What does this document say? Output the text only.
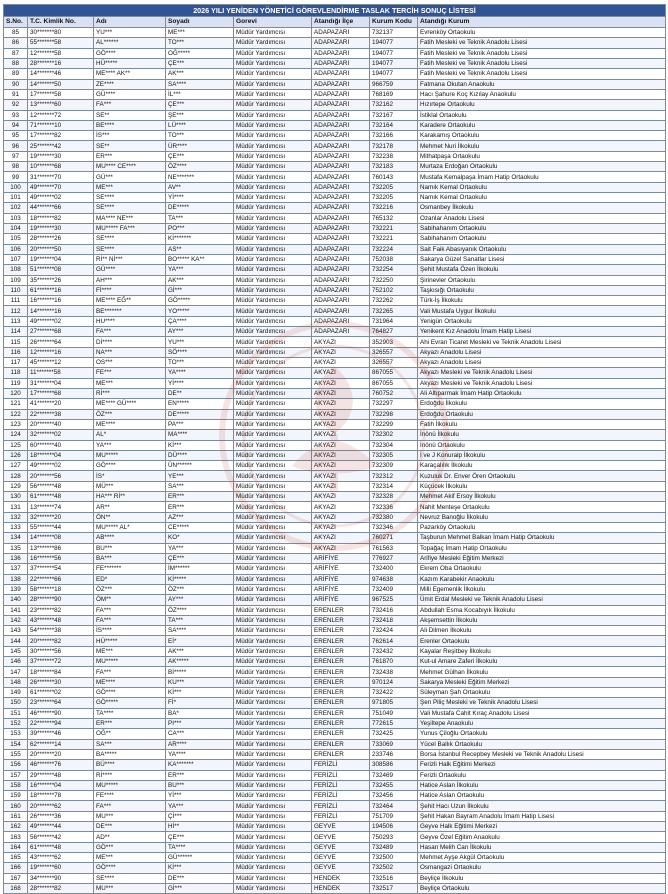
2026 YILI YENİDEN YÖNETİCİ GÖREVLENDİRME TASLAK TERCİH SONUÇ LİSTESİ							
S.No.	T.C. Kimlik No.	Adı	Soyadı	Gorevi	Atandığı İlçe	Kurum Kodu	Atandığı Kurum
85	30*******80	YU***	ME***	Müdür Yardımcısı	ADAPAZARI	732137	Evrenköy Ortaokulu
86	55*******58	AL******	TO***	Müdür Yardımcısı	ADAPAZARI	194077	Fatih Mesleki ve Teknik Anadolu Lisesi
87	12*******58	GÖ****	OĞ*****	Müdür Yardımcısı	ADAPAZARI	194077	Fatih Mesleki ve Teknik Anadolu Lisesi
88	28*******16	HÜ*****	ÇE***	Müdür Yardımcısı	ADAPAZARI	194077	Fatih Mesleki ve Teknik Anadolu Lisesi
89	14*******46	ME**** AK**	AK***	Müdür Yardımcısı	ADAPAZARI	194077	Fatih Mesleki ve Teknik Anadolu Lisesi
90	14*******50	ZE****	SA****	Müdür Yardımcısı	ADAPAZARI	966759	Fatmana Okutan Anaokulu
91	17*******58	GÜ****	İL***	Müdür Yardımcısı	ADAPAZARI	768169	Hacı Şahure Koç Kızılay Anaokulu
92	13*******60	FA***	ÇE***	Müdür Yardımcısı	ADAPAZARI	732162	Hızırtepe Ortaokulu
93	12*******72	SE**	ŞE***	Müdür Yardımcısı	ADAPAZARI	732167	İstiklal Ortaokulu
94	71*******10	BE****	LÜ****	Müdür Yardımcısı	ADAPAZARI	732164	Karadere Ortaokulu
95	17*******82	İS***	TO***	Müdür Yardımcısı	ADAPAZARI	732166	Karakamış Ortaokulu
96	25*******42	SE**	ÜR****	Müdür Yardımcısı	ADAPAZARI	732178	Mehmet Nuri İlkokulu
97	19*******30	ER***	ÇE***	Müdür Yardımcısı	ADAPAZARI	732238	Mithatpaşa Ortaokulu
98	10*******68	MU**** CE****	ÖZ****	Müdür Yardımcısı	ADAPAZARI	732183	Murtaza Erdoğan Ortaokulu
99	31*******70	GÜ***	NE*******	Müdür Yardımcısı	ADAPAZARI	760143	Mustafa Kemalpaşa İmam Hatip Ortaokulu
100	49*******70	ME***	AV**	Müdür Yardımcısı	ADAPAZARI	732205	Namık Kemal Ortaokulu
101	49*******02	SE****	Yİ****	Müdür Yardımcısı	ADAPAZARI	732205	Namık Kemal Ortaokulu
102	44*******66	SE****	DE*****	Müdür Yardımcısı	ADAPAZARI	732216	Osmanbey İlkokulu
103	18*******82	MA**** NE***	TA***	Müdür Yardımcısı	ADAPAZARI	765132	Ozanlar Anadolu Lisesi
104	19*******30	MU***** FA***	PO***	Müdür Yardımcısı	ADAPAZARI	732221	Sabihahanım Ortaokulu
105	28*******26	SE****	Kİ*******	Müdür Yardımcısı	ADAPAZARI	732221	Sabihahanım Ortaokulu
106	20*******50	SE****	AS**	Müdür Yardımcısı	ADAPAZARI	732224	Sait Faik Abasıyanık Ortaokulu
107	19*******04	Rİ** Nİ***	BO***** KA**	Müdür Yardımcısı	ADAPAZARI	752038	Sakarya Güzel Sanatlar Lisesi
108	51*******08	GÜ****	YA***	Müdür Yardımcısı	ADAPAZARI	732254	Şehit Mustafa Özen İlkokulu
109	35*******26	AH***	AK***	Müdür Yardımcısı	ADAPAZARI	732250	Şirinevler Ortaokulu
110	61*******16	Fİ****	Gİ***	Müdür Yardımcısı	ADAPAZARI	752102	Taşkısığı Ortaokulu
111	16*******16	ME**** EĞ**	GÖ*****	Müdür Yardımcısı	ADAPAZARI	732262	Türk-İş İlkokulu
112	14*******16	BE*******	YO*****	Müdür Yardımcısı	ADAPAZARI	732265	Vali Mustafa Uygur İlkokulu
113	49*******02	HU****	ÇA****	Müdür Yardımcısı	ADAPAZARI	731964	Yenigün Ortaokulu
114	27*******68	FA***	AY***	Müdür Yardımcısı	ADAPAZARI	764827	Yenikent Kız Anadolu İmam Hatip Lisesi
115	26*******64	Dİ****	YU***	Müdür Yardımcısı	AKYAZI	352903	Ahi Evran Ticaret Mesleki ve Teknik Anadolu Lisesi
116	12*******16	NA***	SÖ****	Müdür Yardımcısı	AKYAZI	326557	Akyazı Anadolu Lisesi
117	45*******12	OS***	TO***	Müdür Yardımcısı	AKYAZI	326557	Akyazı Anadolu Lisesi
118	11*******58	FE***	YA****	Müdür Yardımcısı	AKYAZI	867055	Akyazı Mesleki ve Teknik Anadolu Lisesi
119	31*******04	ME***	Yİ****	Müdür Yardımcısı	AKYAZI	867055	Akyazı Mesleki ve Teknik Anadolu Lisesi
120	17*******68	Rİ***	DE**	Müdür Yardımcısı	AKYAZI	760752	Ali Altıparmak İmam Hatip Ortaokulu
121	41*******20	ME**** GÜ****	EN*****	Müdür Yardımcısı	AKYAZI	732297	Erdoğdu İlkokulu
122	22*******38	ÖZ***	DE*****	Müdür Yardımcısı	AKYAZI	732298	Erdoğdu Ortaokulu
123	20*******40	ME****	PA***	Müdür Yardımcısı	AKYAZI	732299	Fatih İlkokulu
124	32*******02	AL*	MA****	Müdür Yardımcısı	AKYAZI	732302	İnönü İlkokulu
125	60*******40	YA***	Kİ***	Müdür Yardımcısı	AKYAZI	732304	İnönü Ortaokulu
126	18*******04	MU*****	DÜ****	Müdür Yardımcısı	AKYAZI	732305	İ ve J Konuralp İlkokulu
127	49*******02	GÖ****	ÜN******	Müdür Yardımcısı	AKYAZI	732309	Karaçalılık İlkokulu
128	20*******56	İS*	YE***	Müdür Yardımcısı	AKYAZI	732312	Kuzuluk Dr. Enver Ören Ortaokulu
129	56*******48	MÜ***	SA***	Müdür Yardımcısı	AKYAZI	732314	Küçücek İlkokulu
130	61*******48	HA*** Rİ**	ER***	Müdür Yardımcısı	AKYAZI	732328	Mehmet Akif Ersoy İlkokulu
131	13*******74	AR**	ER***	Müdür Yardımcısı	AKYAZI	732336	Nahit Menteşe Ortaokulu
132	32*******20	ÖN**	AZ***	Müdür Yardımcısı	AKYAZI	732380	Nevruz Banoğlu İlkokulu
133	55*******44	MU***** AL*	CE*****	Müdür Yardımcısı	AKYAZI	732346	Pazarköy Ortaokulu
134	14*******08	AB****	KO*	Müdür Yardımcısı	AKYAZI	760271	Taşburun Mehmet Balkan İmam Hatip Ortaokulu
135	13*******86	BU***	YA***	Müdür Yardımcısı	AKYAZI	761563	Topağaç İmam Hatip Ortaokulu
136	16*******56	BA***	ÇE***	Müdür Yardımcısı	ARİFİYE	776927	Arifiye Mesleki Eğitim Merkezi
137	37*******54	FE*******	İM******	Müdür Yardımcısı	ARİFİYE	732400	Ekrem Oba Ortaokulu
138	22*******66	ED*	Kİ*****	Müdür Yardımcısı	ARİFİYE	974638	Kazım Karabekir Anaokulu
139	58*******18	ÖZ***	ÖZ***	Müdür Yardımcısı	ARİFİYE	732409	Milli Egemenlik İlkokulu
140	28*******90	ÖM**	AY***	Müdür Yardımcısı	ARİFİYE	967525	Ümit Erdal Mesleki ve Teknik Anadolu Lisesi
141	23*******82	FA***	ÖZ****	Müdür Yardımcısı	ERENLER	732416	Abdullah Esma Kocabıyık İlkokulu
142	43*******48	FA***	TA***	Müdür Yardımcısı	ERENLER	732418	Akşemsettin İlkokulu
143	54*******38	İS****	SA****	Müdür Yardımcısı	ERENLER	732424	Ali Dilmen İlkokulu
144	20*******82	HÜ*****	Eİ*	Müdür Yardımcısı	ERENLER	762614	Erenler Ortaokulu
145	30*******56	ME***	AK***	Müdür Yardımcısı	ERENLER	732432	Kayalar Reşitbey İlkokulu
146	37*******72	MU*****	AK*****	Müdür Yardımcısı	ERENLER	761870	Kut-ul Amare Zaferi İlkokulu
147	18*******84	FA***	Bİ*****	Müdür Yardımcısı	ERENLER	732438	Mehmet Gülhan İlkokulu
148	26*******30	ME****	KU***	Müdür Yardımcısı	ERENLER	970124	Sakarya Mesleki Eğitim Merkezi
149	61*******02	GÖ****	Kİ***	Müdür Yardımcısı	ERENLER	732422	Süleyman Şah Ortaokulu
150	23*******64	GÖ*****	Fİ*	Müdür Yardımcısı	ERENLER	971805	Şen Piliç Mesleki ve Teknik Anadolu Lisesi
151	46*******90	TA****	BA*	Müdür Yardımcısı	ERENLER	751049	Vali Mustafa Cahit Kıraç Anadolu Lisesi
152	22*******94	ER***	PI***	Müdür Yardımcısı	ERENLER	772615	Yeşiltepe Anaokulu
153	39*******46	OĞ**	CA***	Müdür Yardımcısı	ERENLER	732425	Yunus Çiloğlu Ortaokulu
154	62*******14	SA***	AR****	Müdür Yardımcısı	ERENLER	733069	Yücel Ballık Ortaokulu
155	20*******20	BA*****	YA****	Müdür Yardımcısı	ERENLER	233746	Borsa İstanbul Recepbey Mesleki ve Teknik Anadolu Lisesi
156	46*******76	BÜ****	KA*******	Müdür Yardımcısı	FERİZLİ	308586	Ferizli Halk Eğitimi Merkezi
157	29*******48	Rİ****	ER***	Müdür Yardımcısı	FERİZLİ	732469	Ferizli Ortaokulu
158	16*******04	MU*****	BU***	Müdür Yardımcısı	FERİZLİ	732455	Hatice Aslan İlkokulu
159	18*******78	FE****	Yİ***	Müdür Yardımcısı	FERİZLİ	732456	Hatice Aslan Ortaokulu
160	20*******62	FA***	YA***	Müdür Yardımcısı	FERİZLİ	732464	Şehit Hacı Uzun İlkokulu
161	26*******36	MU***	Çİ***	Müdür Yardımcısı	FERİZLİ	751709	Şehit Hakan Bayram Anadolu İmam Hatip Lisesi
162	49*******44	DE***	Hİ**	Müdür Yardımcısı	GEYVE	194506	Geyve Halk Eğitimi Merkezi
163	56*******42	AD**	ÇE***	Müdür Yardımcısı	GEYVE	750293	Geyve Özel Eğitim Anaokulu
164	61*******48	GÖ***	TA****	Müdür Yardımcısı	GEYVE	732489	Hasan Melih Can İlkokulu
165	43*******62	ME***	GÜ******	Müdür Yardımcısı	GEYVE	732500	Mehmet Ayşe Akgül Ortaokulu
166	19*******60	GÖ****	Kİ***	Müdür Yardımcısı	GEYVE	732502	Osmangazi Ortaokulu
167	34*******90	SE****	DE***	Müdür Yardımcısı	HENDEK	732516	Beyliçe İlkokulu
168	28*******82	MU***	Gİ***	Müdür Yardımcısı	HENDEK	732517	Beyliçe Ortaokulu
